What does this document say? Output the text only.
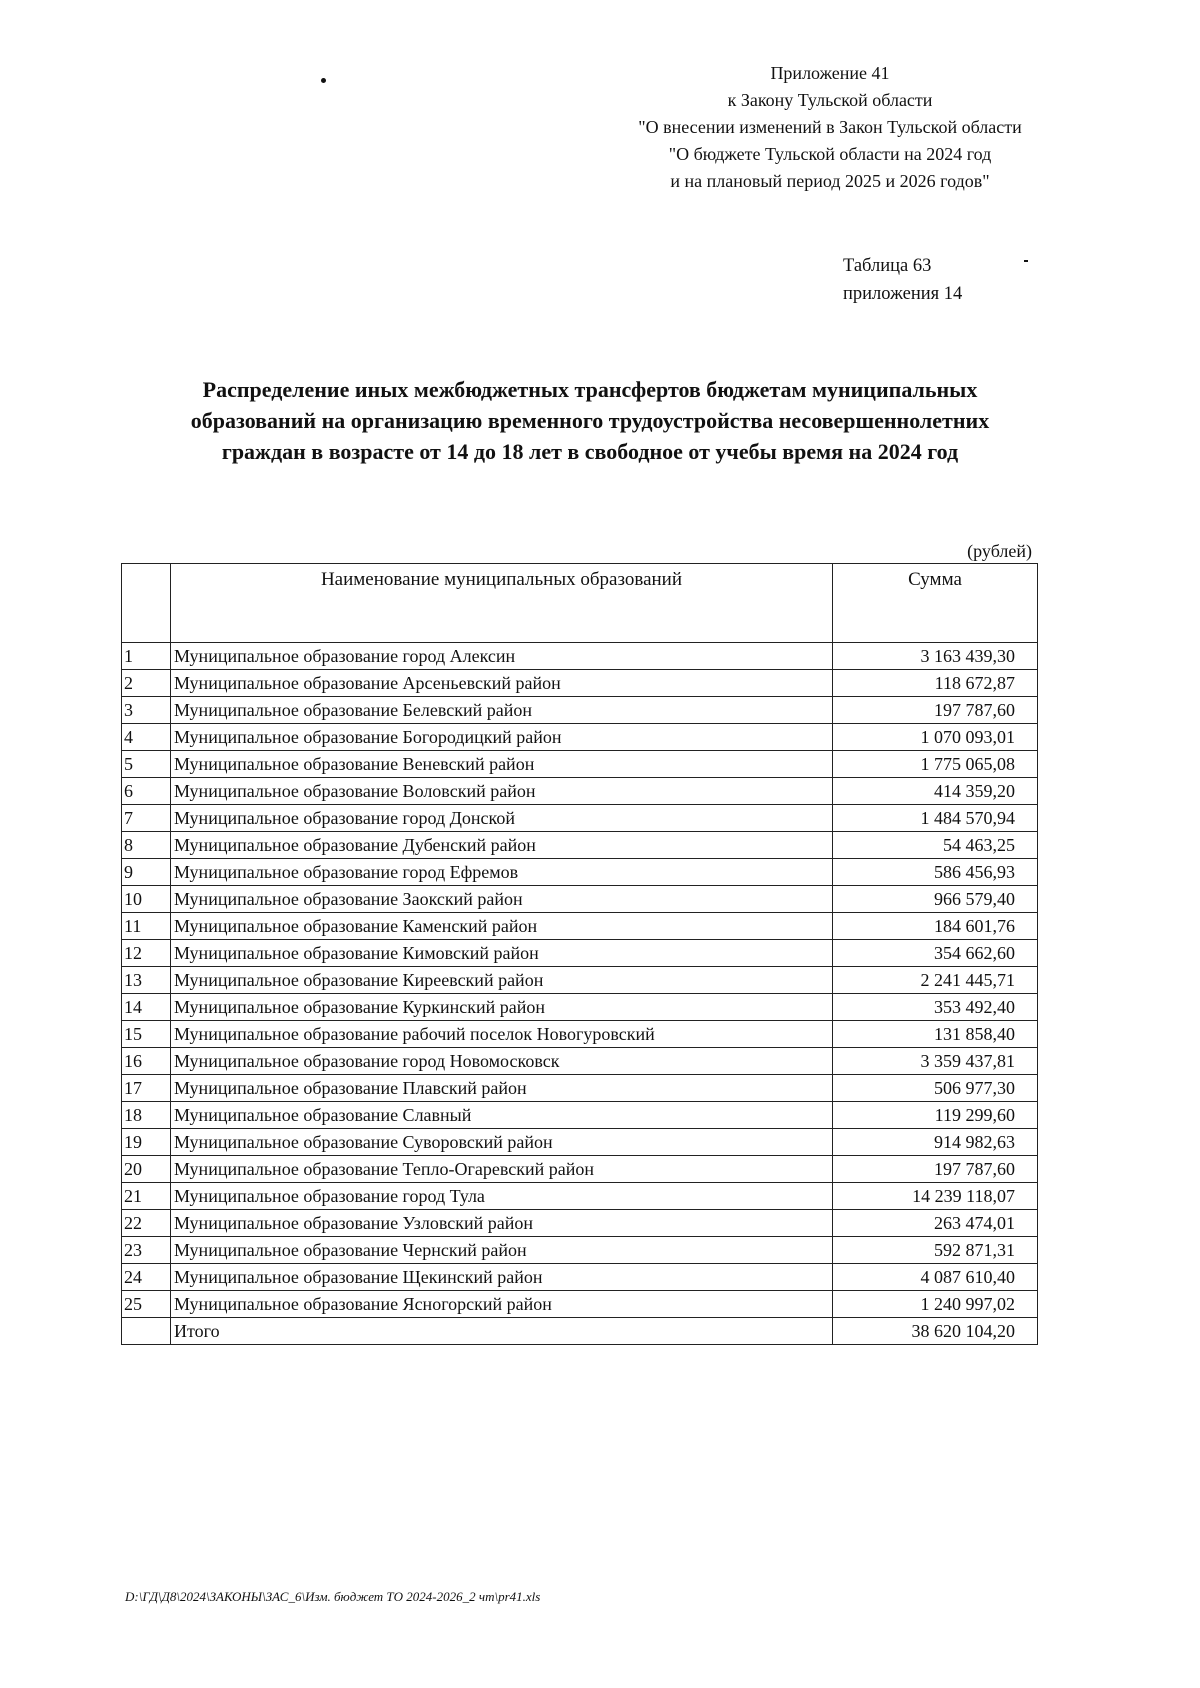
Приложение 41
к Закону Тульской области
"О внесении изменений в Закон Тульской области
"О бюджете Тульской области на 2024 год
и на плановый период 2025 и 2026 годов"
Таблица 63
приложения 14
Распределение иных межбюджетных трансфертов бюджетам муниципальных
образований на организацию временного трудоустройства несовершеннолетних
граждан в возрасте от 14 до 18 лет в свободное от учебы время на 2024 год
(рублей)
	Наименование муниципальных образований	Сумма
1	Муниципальное образование город Алексин	3 163 439,30
2	Муниципальное образование Арсеньевский район	118 672,87
3	Муниципальное образование Белевский район	197 787,60
4	Муниципальное образование Богородицкий район	1 070 093,01
5	Муниципальное образование Веневский район	1 775 065,08
6	Муниципальное образование Воловский район	414 359,20
7	Муниципальное образование город Донской	1 484 570,94
8	Муниципальное образование Дубенский район	54 463,25
9	Муниципальное образование город Ефремов	586 456,93
10	Муниципальное образование Заокский район	966 579,40
11	Муниципальное образование Каменский район	184 601,76
12	Муниципальное образование Кимовский район	354 662,60
13	Муниципальное образование Киреевский район	2 241 445,71
14	Муниципальное образование Куркинский район	353 492,40
15	Муниципальное образование рабочий поселок Новогуровский	131 858,40
16	Муниципальное образование город Новомосковск	3 359 437,81
17	Муниципальное образование Плавский район	506 977,30
18	Муниципальное образование Славный	119 299,60
19	Муниципальное образование Суворовский район	914 982,63
20	Муниципальное образование Тепло-Огаревский район	197 787,60
21	Муниципальное образование город Тула	14 239 118,07
22	Муниципальное образование Узловский район	263 474,01
23	Муниципальное образование Чернский район	592 871,31
24	Муниципальное образование Щекинский район	4 087 610,40
25	Муниципальное образование Ясногорский район	1 240 997,02
	Итого	38 620 104,20
D:\ГД\Д8\2024\ЗАКОНЫ\ЗАС_6\Изм. бюджет ТО 2024-2026_2 чт\pr41.xls
